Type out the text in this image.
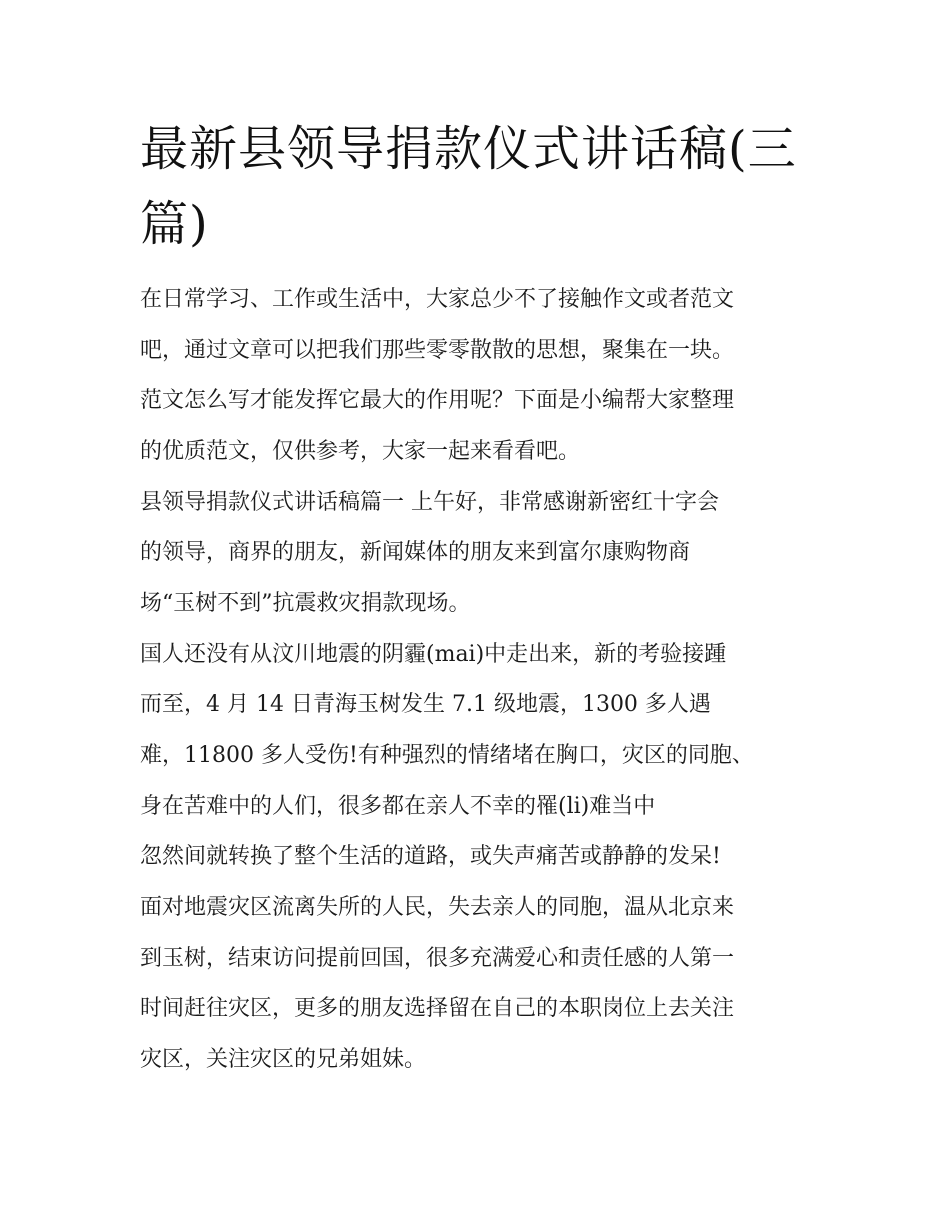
最新县领导捐款仪式讲话稿(三
篇)

在日常学习、工作或生活中，大家总少不了接触作文或者范文

吧，通过文章可以把我们那些零零散散的思想，聚集在一块。

范文怎么写才能发挥它最大的作用呢？下面是小编帮大家整理

的优质范文，仅供参考，大家一起来看看吧。

县领导捐款仪式讲话稿篇一 上午好，非常感谢新密红十字会

的领导，商界的朋友，新闻媒体的朋友来到富尔康购物商

场“玉树不到”抗震救灾捐款现场。

国人还没有从汶川地震的阴霾(mai)中走出来，新的考验接踵

而至，4 月 14 日青海玉树发生 7.1 级地震，1300 多人遇

难，11800 多人受伤!有种强烈的情绪堵在胸口，灾区的同胞、

身在苦难中的人们，很多都在亲人不幸的罹(li)难当中

忽然间就转换了整个生活的道路，或失声痛苦或静静的发呆!

面对地震灾区流离失所的人民，失去亲人的同胞，温从北京来

到玉树，结束访问提前回国，很多充满爱心和责任感的人第一

时间赶往灾区，更多的朋友选择留在自己的本职岗位上去关注

灾区，关注灾区的兄弟姐妹。
